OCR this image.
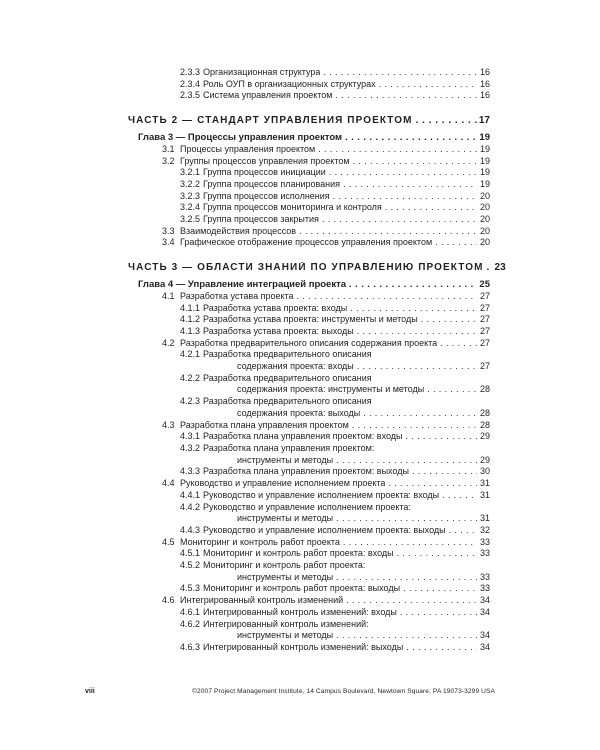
2.3.3 Организационная структура . . .	16
2.3.4 Роль ОУП в организационных структурах . . .	16
2.3.5 Система управления проектом . . .	16
ЧАСТЬ 2 — СТАНДАРТ УПРАВЛЕНИЯ ПРОЕКТОМ . . .	17
Глава 3 — Процессы управления проектом . . .	19
3.1 Процессы управления проектом . . .	19
3.2 Группы процессов управления проектом . . .	19
3.2.1 Группа процессов инициации . . .	19
3.2.2 Группа процессов планирования . . .	19
3.2.3 Группа процессов исполнения . . .	20
3.2.4 Группа процессов мониторинга и контроля . . .	20
3.2.5 Группа процессов закрытия . . .	20
3.3 Взаимодействия процессов . . .	20
3.4 Графическое отображение процессов управления проектом . . .	20
ЧАСТЬ 3 — ОБЛАСТИ ЗНАНИЙ ПО УПРАВЛЕНИЮ ПРОЕКТОМ . . . 23
Глава 4 — Управление интеграцией проекта . . .	25
4.1 Разработка устава проекта . . .	27
4.1.1 Разработка устава проекта: входы . . .	27
4.1.2 Разработка устава проекта: инструменты и методы . . .	27
4.1.3 Разработка устава проекта: выходы . . .	27
4.2 Разработка предварительного описания содержания проекта . . .	27
4.2.1 Разработка предварительного описания
содержания проекта: входы . . .	27
4.2.2 Разработка предварительного описания
содержания проекта: инструменты и методы . . .	28
4.2.3 Разработка предварительного описания
содержания проекта: выходы . . .	28
4.3 Разработка плана управления проектом . . .	28
4.3.1 Разработка плана управления проектом: входы . . .	29
4.3.2 Разработка плана управления проектом:
инструменты и методы . . .	29
4.3.3 Разработка плана управления проектом: выходы . . .	30
4.4 Руководство и управление исполнением проекта . . .	31
4.4.1 Руководство и управление исполнением проекта: входы . . .	31
4.4.2 Руководство и управление исполнением проекта:
инструменты и методы . . .	31
4.4.3 Руководство и управление исполнением проекта: выходы . . .	32
4.5 Мониторинг и контроль работ проекта . . .	33
4.5.1 Мониторинг и контроль работ проекта: входы . . .	33
4.5.2 Мониторинг и контроль работ проекта:
инструменты и методы . . .	33
4.5.3 Мониторинг и контроль работ проекта: выходы . . .	33
4.6 Интегрированный контроль изменений . . .	34
4.6.1 Интегрированный контроль изменений: входы . . .	34
4.6.2 Интегрированный контроль изменений:
инструменты и методы . . .	34
4.6.3 Интегрированный контроль изменений: выходы . . .	34
viii	©2007 Project Management Institute, 14 Campus Boulevard, Newtown Square, PA 19073-3299 USA
